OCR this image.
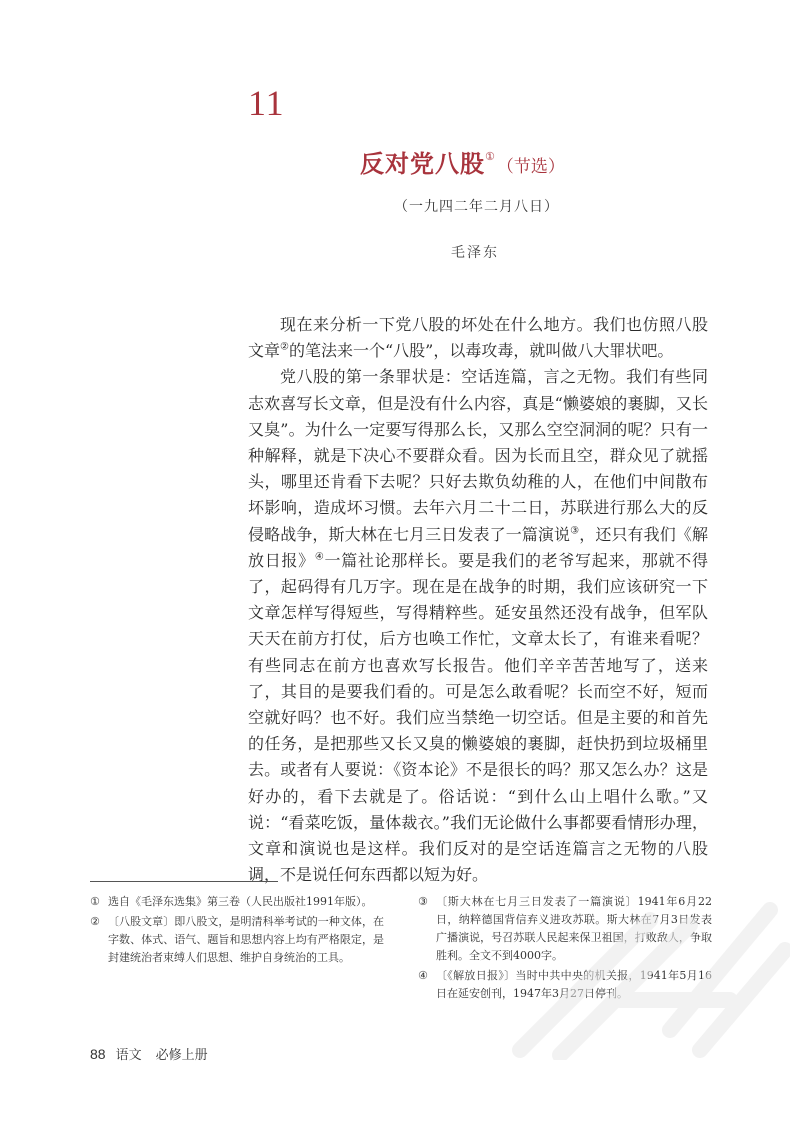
11
反对党八股①（节选）
（一九四二年二月八日）
毛泽东

现在来分析一下党八股的坏处在什么地方。我们也仿照八股文章②的笔法来一个“八股”，以毒攻毒，就叫做八大罪状吧。

党八股的第一条罪状是：空话连篇，言之无物。我们有些同志欢喜写长文章，但是没有什么内容，真是“懒婆娘的裹脚，又长又臭”。为什么一定要写得那么长，又那么空空洞洞的呢？只有一种解释，就是下决心不要群众看。因为长而且空，群众见了就摇头，哪里还肯看下去呢？只好去欺负幼稚的人，在他们中间散布坏影响，造成坏习惯。去年六月二十二日，苏联进行那么大的反侵略战争，斯大林在七月三日发表了一篇演说③，还只有我们《解放日报》④一篇社论那样长。要是我们的老爷写起来，那就不得了，起码得有几万字。现在是在战争的时期，我们应该研究一下文章怎样写得短些，写得精粹些。延安虽然还没有战争，但军队天天在前方打仗，后方也唤工作忙，文章太长了，有谁来看呢？有些同志在前方也喜欢写长报告。他们辛辛苦苦地写了，送来了，其目的是要我们看的。可是怎么敢看呢？长而空不好，短而空就好吗？也不好。我们应当禁绝一切空话。但是主要的和首先的任务，是把那些又长又臭的懒婆娘的裹脚，赶快扔到垃圾桶里去。或者有人要说：《资本论》不是很长的吗？那又怎么办？这是好办的，看下去就是了。俗话说：“到什么山上唱什么歌。”又说：“看菜吃饭，量体裁衣。”我们无论做什么事都要看情形办理，文章和演说也是这样。我们反对的是空话连篇言之无物的八股调，不是说任何东西都以短为好。

① 选自《毛泽东选集》第三卷（人民出版社1991年版）。
② 〔八股文章〕即八股文，是明清科举考试的一种文体，在字数、体式、语气、题旨和思想内容上均有严格限定，是封建统治者束缚人们思想、维护自身统治的工具。
③ 〔斯大林在七月三日发表了一篇演说〕1941年6月22日，纳粹德国背信弃义进攻苏联。斯大林在7月3日发表广播演说，号召苏联人民起来保卫祖国，打败敌人，争取胜利。全文不到4000字。
④ 〔《解放日报》〕当时中共中央的机关报，1941年5月16日在延安创刊，1947年3月27日停刊。
88 语文 必修上册
